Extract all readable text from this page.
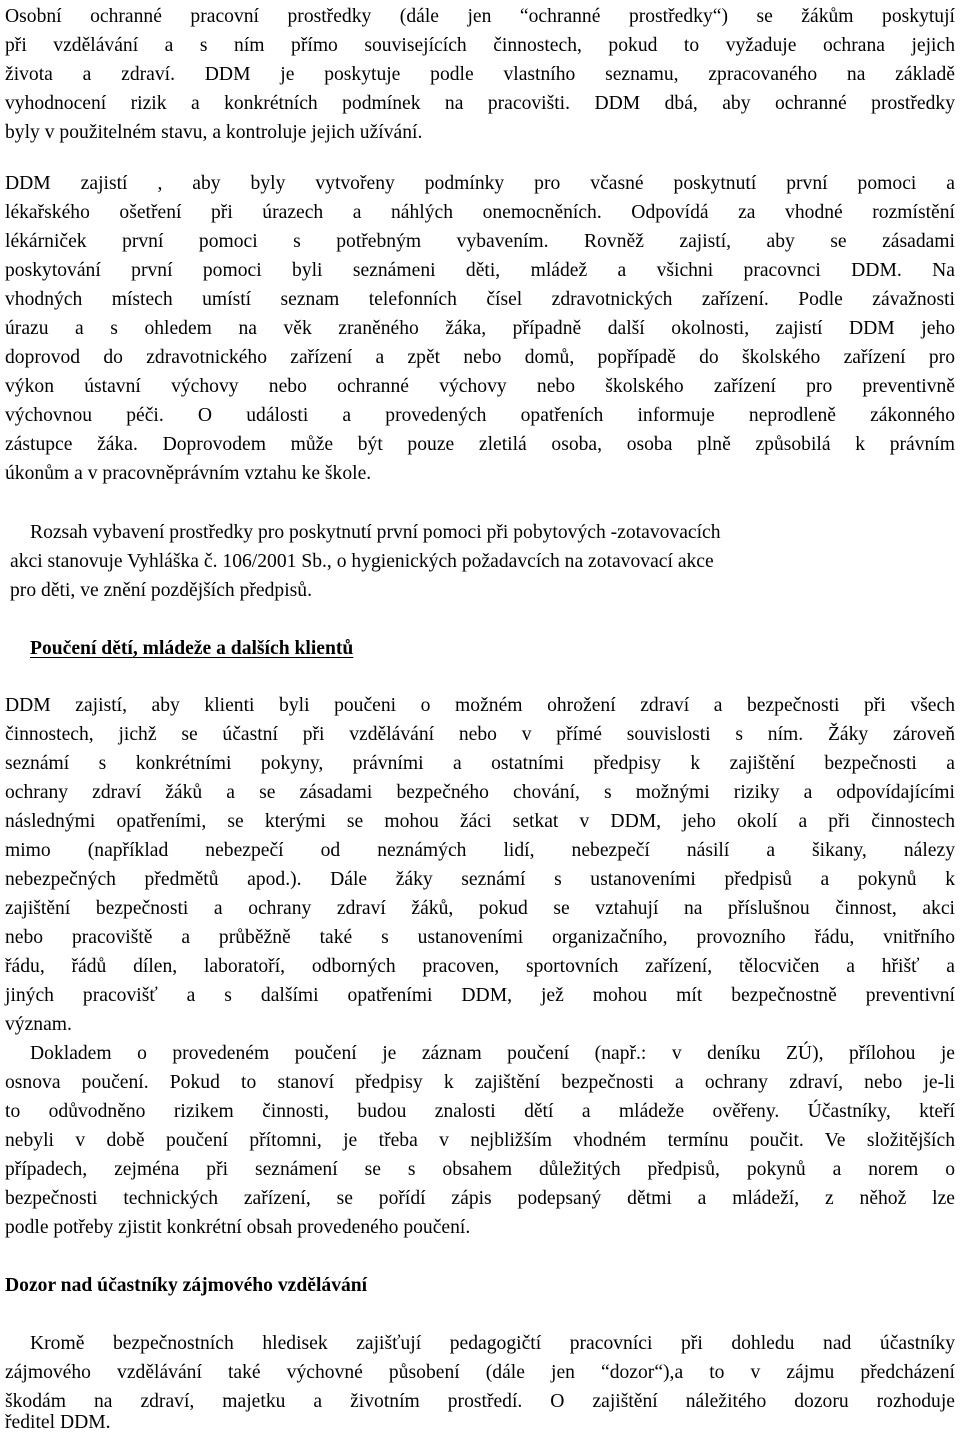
Osobní ochranné pracovní prostředky (dále jen “ochranné prostředky“) se žákům poskytují
při vzdělávání a s ním přímo souvisejících činnostech, pokud to vyžaduje ochrana jejich
života a zdraví. DDM je poskytuje podle vlastního seznamu, zpracovaného na základě
vyhodnocení rizik a konkrétních podmínek na pracovišti. DDM dbá, aby ochranné prostředky
byly v použitelném stavu, a kontroluje jejich užívání.
DDM zajistí , aby byly vytvořeny podmínky pro včasné poskytnutí první pomoci a
lékařského ošetření při úrazech a náhlých onemocněních. Odpovídá za vhodné rozmístění
lékárniček první pomoci s potřebným vybavením. Rovněž zajistí, aby se zásadami
poskytování první pomoci byli seznámeni děti, mládež a všichni pracovnci DDM. Na
vhodných místech umístí seznam telefonních čísel zdravotnických zařízení. Podle závažnosti
úrazu a s ohledem na věk zraněného žáka, případně další okolnosti, zajistí DDM jeho
doprovod do zdravotnického zařízení a zpět nebo domů, popřípadě do školského zařízení pro
výkon ústavní výchovy nebo ochranné výchovy nebo školského zařízení pro preventivně
výchovnou péči. O události a provedených opatřeních informuje neprodleně zákonného
zástupce žáka. Doprovodem může být pouze zletilá osoba, osoba plně způsobilá k právním
úkonům a v pracovněprávním vztahu ke škole.
Rozsah vybavení prostředky pro poskytnutí první pomoci při pobytových -zotavovacích
akci stanovuje Vyhláška č. 106/2001 Sb., o hygienických požadavcích na zotavovací akce
pro děti, ve znění pozdějších předpisů.
Poučení dětí, mládeže a dalších klientů
DDM zajistí, aby klienti byli poučeni o možném ohrožení zdraví a bezpečnosti při všech
činnostech, jichž se účastní při vzdělávání nebo v přímé souvislosti s ním. Žáky zároveň
seznámí s konkrétními pokyny, právními a ostatními předpisy k zajištění bezpečnosti a
ochrany zdraví žáků a se zásadami bezpečného chování, s možnými riziky a odpovídajícími
následnými opatřeními, se kterými se mohou žáci setkat v DDM, jeho okolí a při činnostech
mimo (například nebezpečí od neznámých lidí, nebezpečí násilí a šikany, nálezy
nebezpečných předmětů apod.). Dále žáky seznámí s ustanoveními předpisů a pokynů k
zajištění bezpečnosti a ochrany zdraví žáků, pokud se vztahují na příslušnou činnost, akci
nebo pracoviště a průběžně také s ustanoveními organizačního, provozního řádu, vnitřního
řádu, řádů dílen, laboratoří, odborných pracoven, sportovních zařízení, tělocvičen a hřišť a
jiných pracovišť a s dalšími opatřeními DDM, jež mohou mít bezpečnostně preventivní
význam.
Dokladem o provedeném poučení je záznam poučení (např.: v deníku ZÚ), přílohou je
osnova poučení. Pokud to stanoví předpisy k zajištění bezpečnosti a ochrany zdraví, nebo je-li
to odůvodněno rizikem činnosti, budou znalosti dětí a mládeže ověřeny. Účastníky, kteří
nebyli v době poučení přítomni, je třeba v nejbližším vhodném termínu poučit. Ve složitějších
případech, zejména při seznámení se s obsahem důležitých předpisů, pokynů a norem o
bezpečnosti technických zařízení, se pořídí zápis podepsaný dětmi a mládeží, z něhož lze
podle potřeby zjistit konkrétní obsah provedeného poučení.
Dozor nad účastníky zájmového vzdělávání
Kromě bezpečnostních hledisek zajišťují pedagogičtí pracovníci při dohledu nad účastníky
zájmového vzdělávání také výchovné působení (dále jen “dozor“),a to v zájmu předcházení
škodám na zdraví, majetku a životním prostředí. O zajištění náležitého dozoru rozhoduje
ředitel DDM.
